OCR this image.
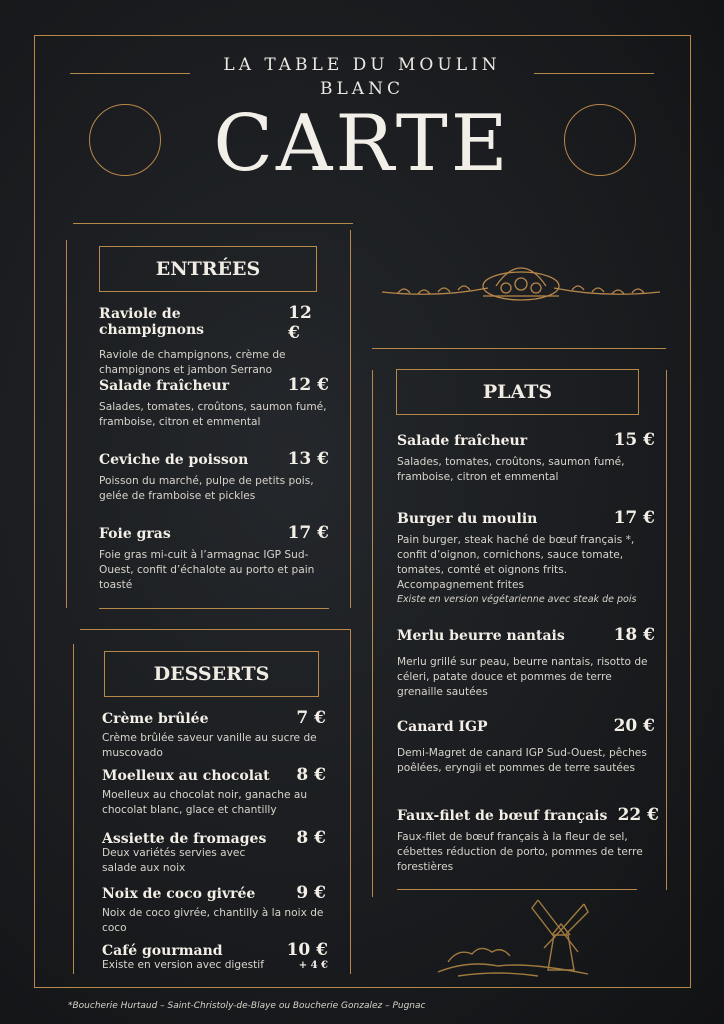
LA TABLE DU MOULIN
BLANC
CARTE
ENTRÉES
Raviole de champignons
12 €
Raviole de champignons, crème de champignons et jambon Serrano
Salade fraîcheur	12 €
Salades, tomates, croûtons, saumon fumé, framboise, citron et emmental
Ceviche de poisson 13 €
Poisson du marché, pulpe de petits pois, gelée de framboise et pickles
Foie gras	17 €
Foie gras mi-cuit à l’armagnac IGP Sud-Ouest, confit d’échalote au porto et pain toasté
PLATS
Salade fraîcheur	15 €
Salades, tomates, croûtons, saumon fumé, framboise, citron et emmental
Burger du moulin	17 €
Pain burger, steak haché de bœuf français *, confit d’oignon, cornichons, sauce tomate, tomates, comté et oignons frits. Accompagnement frites
Existe en version végétarienne avec steak de pois
Merlu beurre nantais	18 €
Merlu grillé sur peau, beurre nantais, risotto de céleri, patate douce et pommes de terre grenaille sautées
Canard IGP	20 €
Demi-Magret de canard IGP Sud-Ouest, pêches poêlées, eryngii et pommes de terre sautées
Faux-filet de bœuf français 22 €
Faux-filet de bœuf français à la fleur de sel, cébettes réduction de porto, pommes de terre forestières
DESSERTS
Crème brûlée	7 €
Crème brûlée saveur vanille au sucre de muscovado
Moelleux au chocolat 8 €
Moelleux au chocolat noir, ganache au chocolat blanc, glace et chantilly
Assiette de fromages 8 €
Deux variétés servies avec salade aux noix
Noix de coco givrée 9 €
Noix de coco givrée, chantilly à la noix de coco
Café gourmand	10 €
Existe en version avec digestif	+ 4 €
*Boucherie Hurtaud – Saint-Christoly-de-Blaye ou Boucherie Gonzalez – Pugnac
